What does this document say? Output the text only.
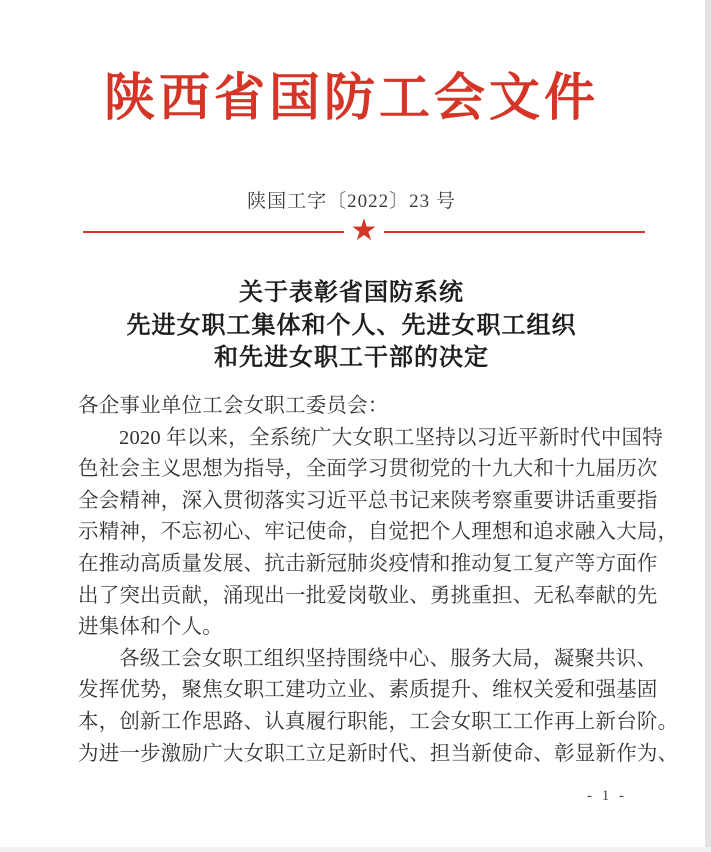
陕西省国防工会文件
陕国工字〔2022〕23 号
★
关于表彰省国防系统
先进女职工集体和个人、先进女职工组织
和先进女职工干部的决定
各企事业单位工会女职工委员会：
2020 年以来，全系统广大女职工坚持以习近平新时代中国特
色社会主义思想为指导，全面学习贯彻党的十九大和十九届历次
全会精神，深入贯彻落实习近平总书记来陕考察重要讲话重要指
示精神，不忘初心、牢记使命，自觉把个人理想和追求融入大局，
在推动高质量发展、抗击新冠肺炎疫情和推动复工复产等方面作
出了突出贡献，涌现出一批爱岗敬业、勇挑重担、无私奉献的先
进集体和个人。
各级工会女职工组织坚持围绕中心、服务大局，凝聚共识、
发挥优势，聚焦女职工建功立业、素质提升、维权关爱和强基固
本，创新工作思路、认真履行职能，工会女职工工作再上新台阶。
为进一步激励广大女职工立足新时代、担当新使命、彰显新作为、
- 1 -
